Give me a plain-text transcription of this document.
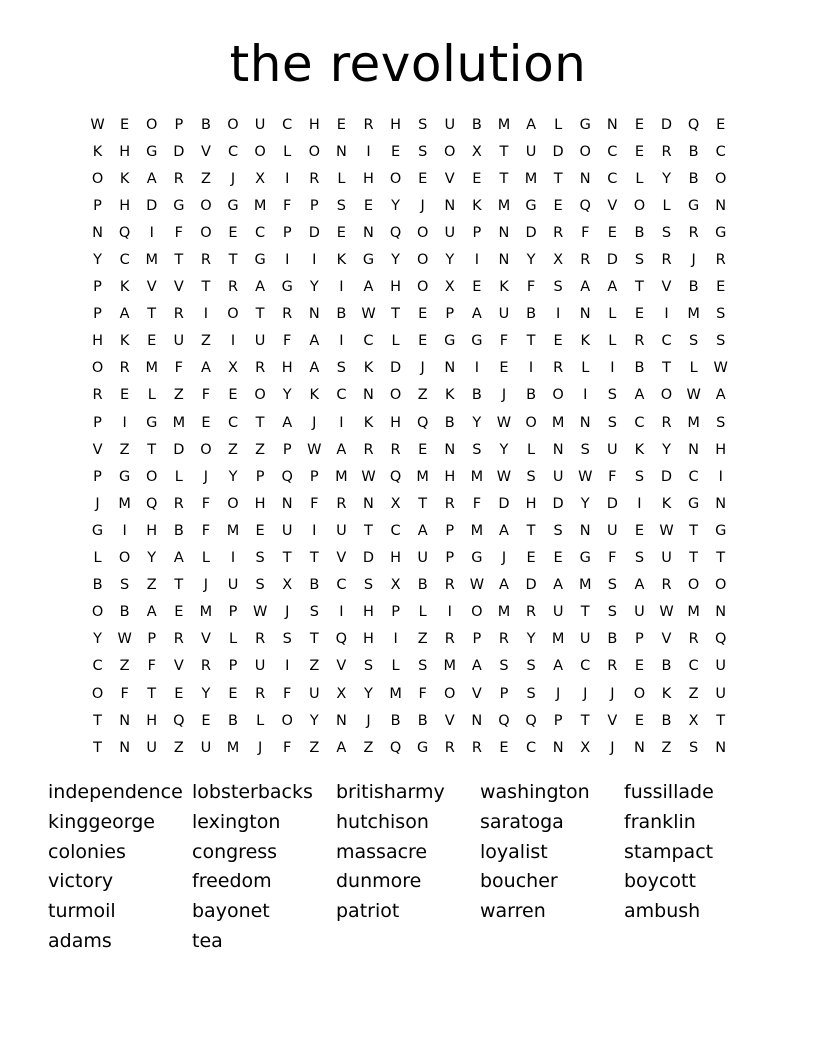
the revolution
W	E	O	P	B	O	U	C	H	E	R	H	S	U	B	M	A	L	G	N	E	D	Q	E
K	H	G	D	V	C	O	L	O	N	I	E	S	O	X	T	U	D	O	C	E	R	B	C
O	K	A	R	Z	J	X	I	R	L	H	O	E	V	E	T	M	T	N	C	L	Y	B	O
P	H	D	G	O	G	M	F	P	S	E	Y	J	N	K	M	G	E	Q	V	O	L	G	N
N	Q	I	F	O	E	C	P	D	E	N	Q	O	U	P	N	D	R	F	E	B	S	R	G
Y	C	M	T	R	T	G	I	I	K	G	Y	O	Y	I	N	Y	X	R	D	S	R	J	R
P	K	V	V	T	R	A	G	Y	I	A	H	O	X	E	K	F	S	A	A	T	V	B	E
P	A	T	R	I	O	T	R	N	B	W	T	E	P	A	U	B	I	N	L	E	I	M	S
H	K	E	U	Z	I	U	F	A	I	C	L	E	G	G	F	T	E	K	L	R	C	S	S
O	R	M	F	A	X	R	H	A	S	K	D	J	N	I	E	I	R	L	I	B	T	L	W
R	E	L	Z	F	E	O	Y	K	C	N	O	Z	K	B	J	B	O	I	S	A	O W	A
P	I	G	M	E	C	T	A	J	I	K	H	Q	B	Y	W O	M	N	S	C	R	M	S
V	Z	T	D	O	Z	Z	P	W	A	R	R	E	N	S	Y	L	N	S	U	K	Y	N	H
P	G	O	L	J	Y	P	Q	P	M W Q	M	H	M W	S	U	W	F	S	D	C	I
J	M	Q	R	F	O	H	N	F	R	N	X	T	R	F	D	H	D	Y	D	I	K	G	N
G	I	H	B	F	M	E	U	I	U	T	C	A	P	M	A	T	S	N	U	E	W	T	G
L	O	Y	A	L	I	S	T	T	V	D	H	U	P	G	J	E	E	G	F	S	U	T	T
B	S	Z	T	J	U	S	X	B	C	S	X	B	R	W	A	D	A	M	S	A	R	O	O
O	B	A	E	M	P	W	J	S	I	H	P	L	I	O	M	R	U	T	S	U	W M	N
Y	W	P	R	V	L	R	S	T	Q	H	I	Z	R	P	R	Y	M	U	B	P	V	R	Q
C	Z	F	V	R	P	U	I	Z	V	S	L	S	M	A	S	S	A	C	R	E	B	C	U
O	F	T	E	Y	E	R	F	U	X	Y	M	F	O	V	P	S	J	J	J	O	K	Z	U
T	N	H	Q	E	B	L	O	Y	N	J	B	B	V	N	Q	Q	P	T	V	E	B	X	T
T	N	U	Z	U	M	J	F	Z	A	Z	Q	G	R	R	E	C	N	X	J	N	Z	S	N
independence
kinggeorge
colonies
victory
turmoil
adams
lobsterbacks
lexington
congress
freedom
bayonet
tea
britisharmy
hutchison
massacre
dunmore
patriot
washington
saratoga
loyalist
boucher
warren
fussillade
franklin
stampact
boycott
ambush
